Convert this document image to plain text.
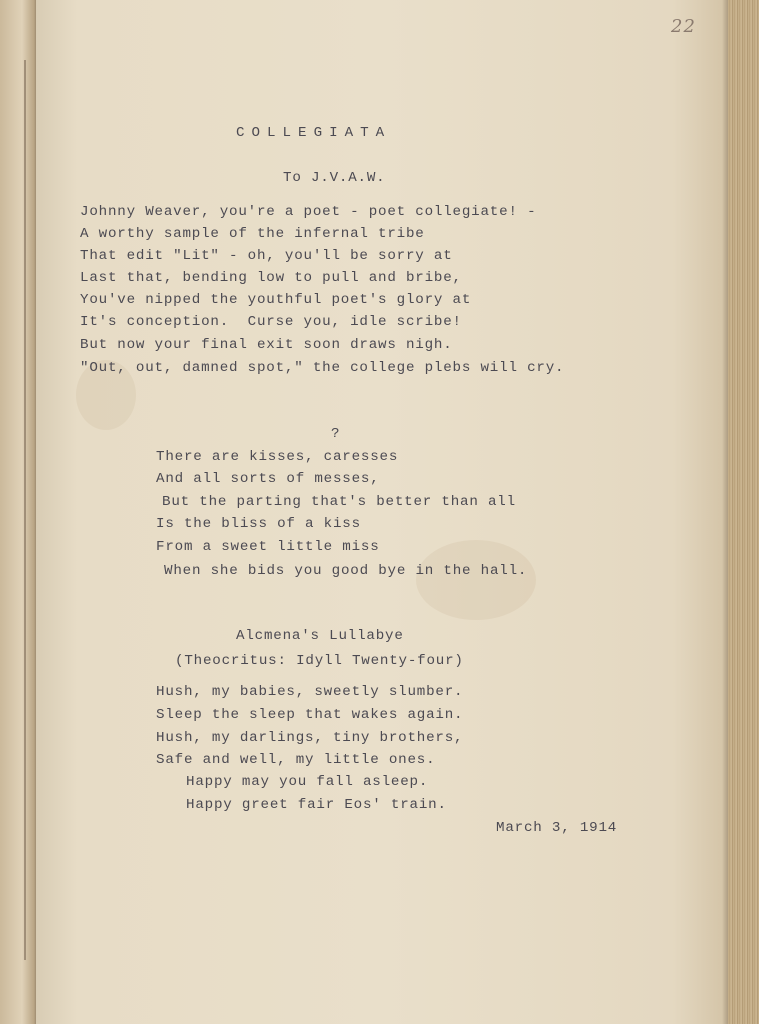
22

COLLEGIATA

To J.V.A.W.

Johnny Weaver, you're a poet - poet collegiate! -

A worthy sample of the infernal tribe

That edit "Lit" - oh, you'll be sorry at

Last that, bending low to pull and bribe,

You've nipped the youthful poet's glory at

It's conception.  Curse you, idle scribe!

But now your final exit soon draws nigh.

"Out, out, damned spot," the college plebs will cry.

?

There are kisses, caresses

And all sorts of messes,

But the parting that's better than all

Is the bliss of a kiss

From a sweet little miss

When she bids you good bye in the hall.

Alcmena's Lullabye

(Theocritus: Idyll Twenty-four)

Hush, my babies, sweetly slumber.

Sleep the sleep that wakes again.

Hush, my darlings, tiny brothers,

Safe and well, my little ones.

Happy may you fall asleep.

Happy greet fair Eos' train.

March 3, 1914
